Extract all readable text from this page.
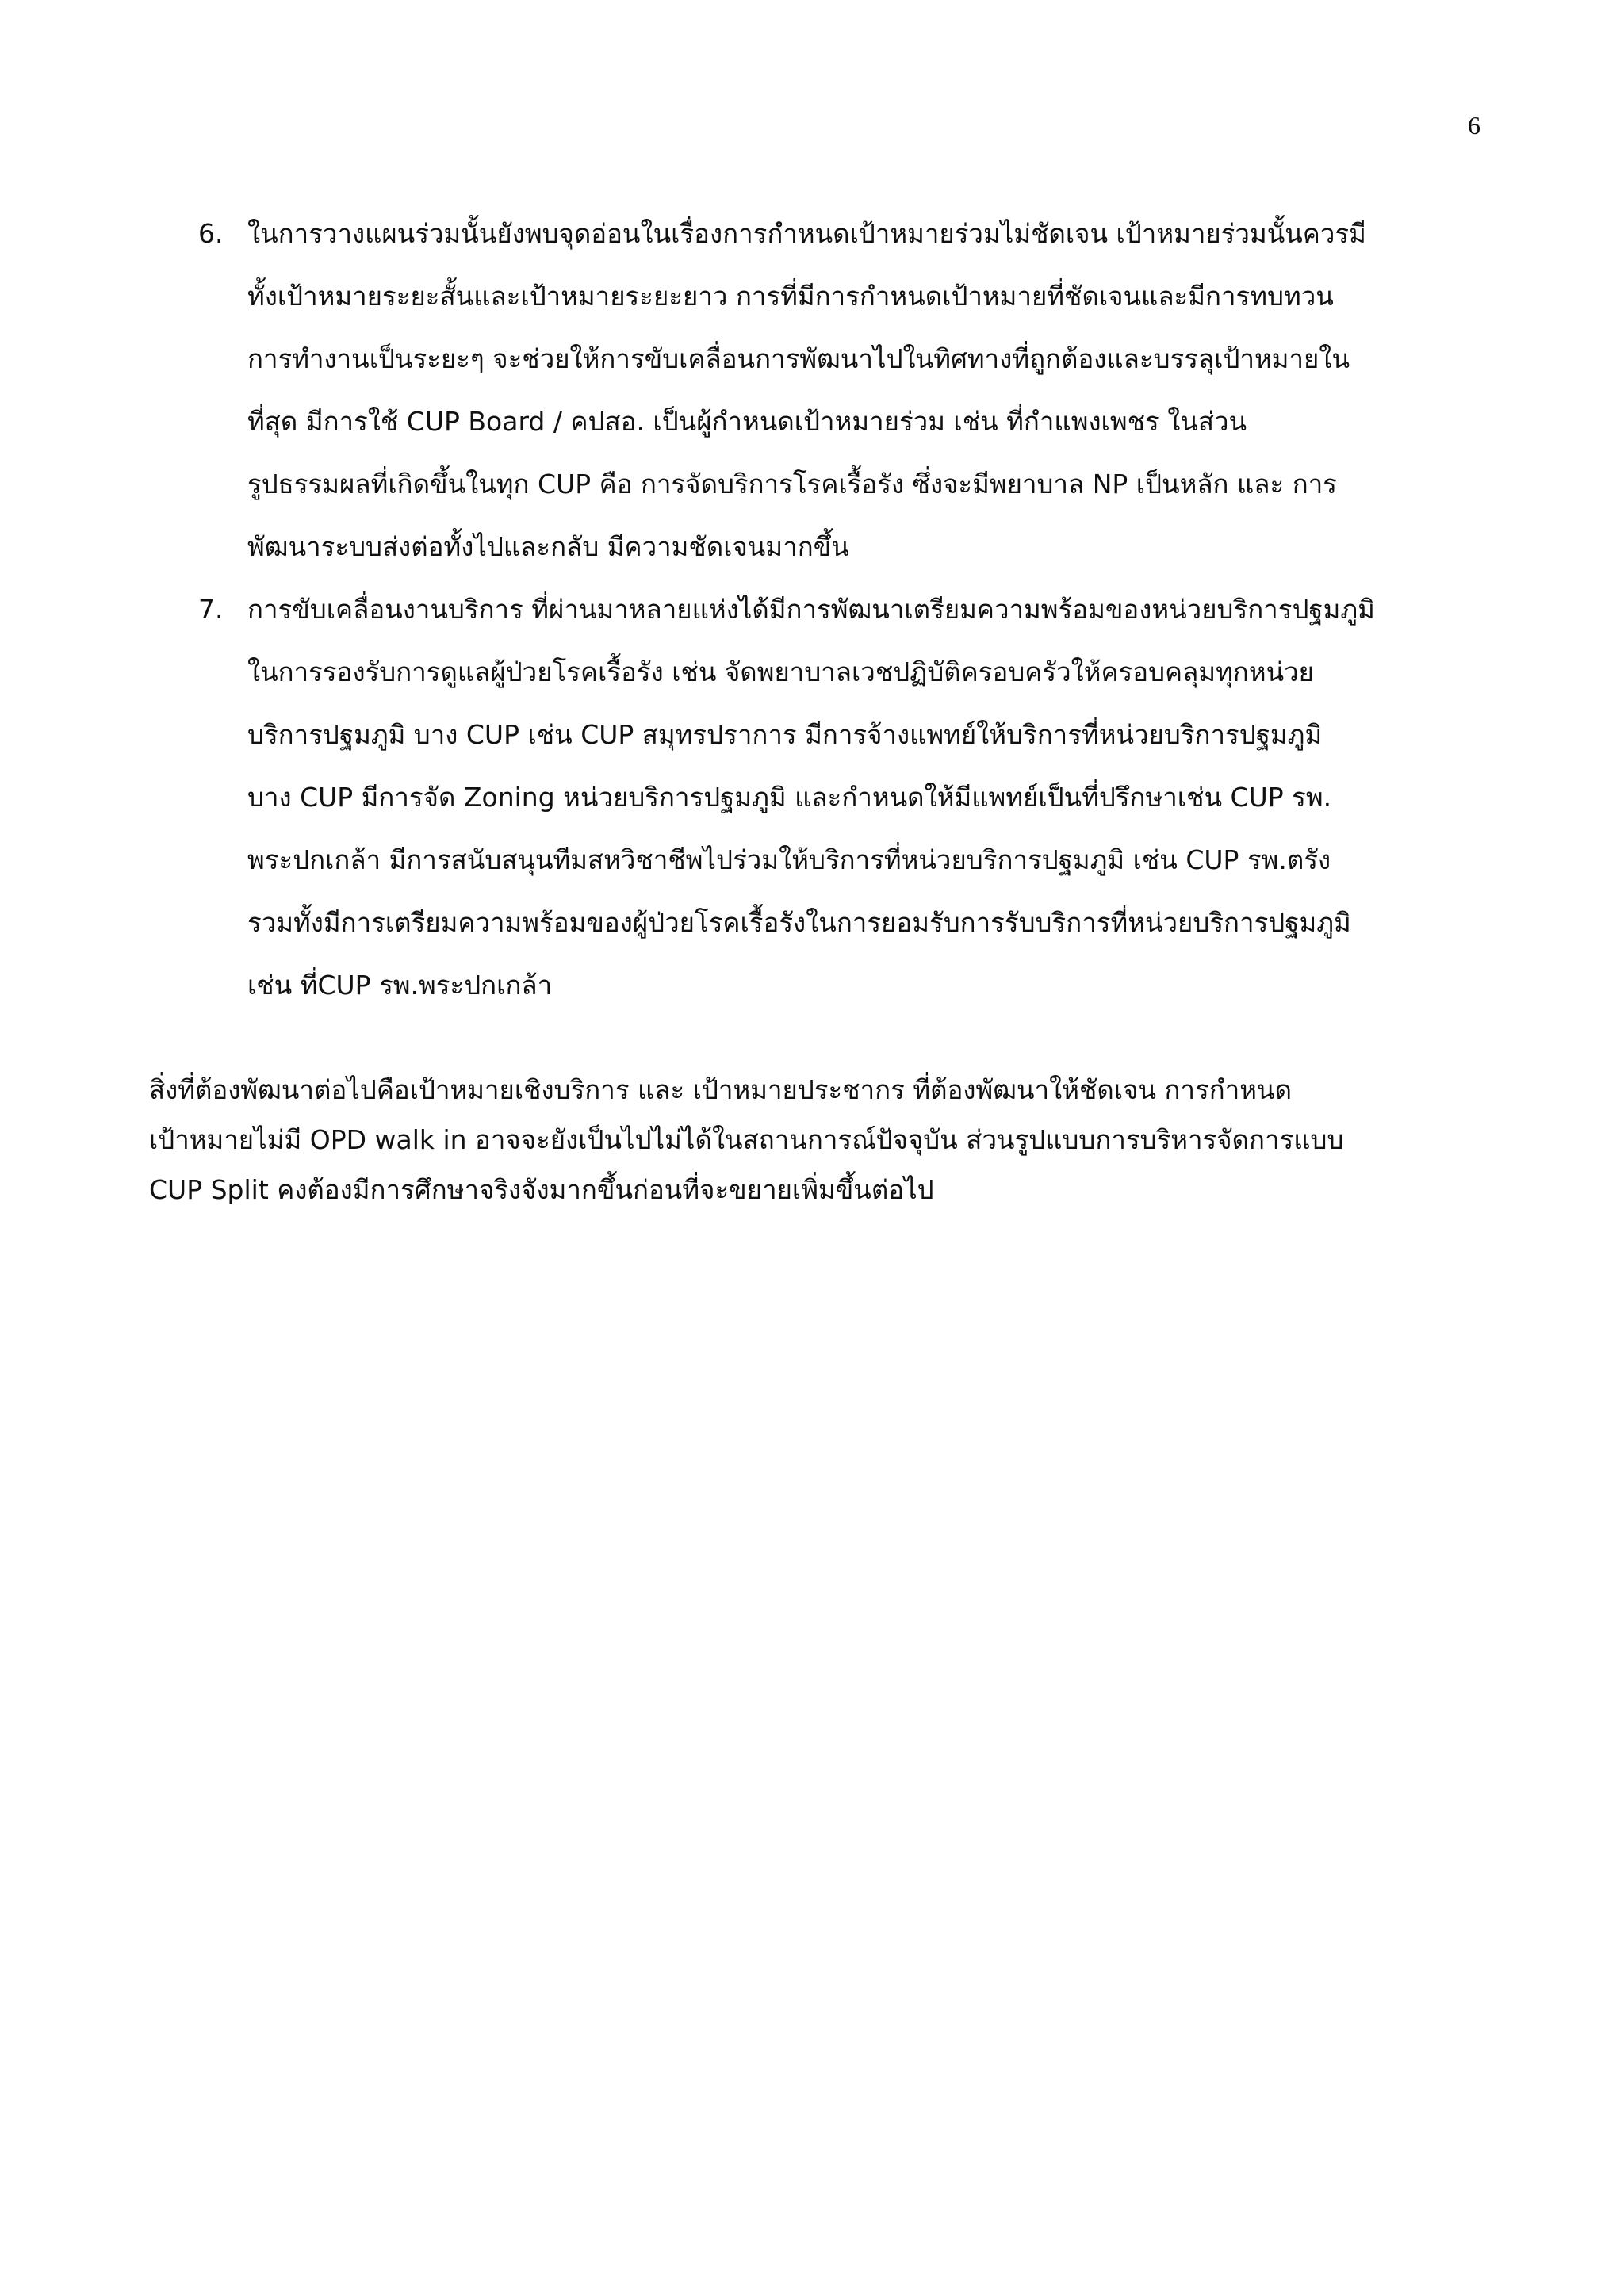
6
6. ในการวางแผนร่วมนั้นยังพบจุดอ่อนในเรื่องการกำหนดเป้าหมายร่วมไม่ชัดเจน เป้าหมายร่วมนั้นควรมี
ทั้งเป้าหมายระยะสั้นและเป้าหมายระยะยาว การที่มีการกำหนดเป้าหมายที่ชัดเจนและมีการทบทวน
การทำงานเป็นระยะๆ จะช่วยให้การขับเคลื่อนการพัฒนาไปในทิศทางที่ถูกต้องและบรรลุเป้าหมายใน
ที่สุด มีการใช้ CUP Board / คปสอ. เป็นผู้กำหนดเป้าหมายร่วม เช่น ที่กำแพงเพชร ในส่วน
รูปธรรมผลที่เกิดขึ้นในทุก CUP คือ การจัดบริการโรคเรื้อรัง ซึ่งจะมีพยาบาล NP เป็นหลัก และ การ
พัฒนาระบบส่งต่อทั้งไปและกลับ มีความชัดเจนมากขึ้น
7. การขับเคลื่อนงานบริการ ที่ผ่านมาหลายแห่งได้มีการพัฒนาเตรียมความพร้อมของหน่วยบริการปฐมภูมิ
ในการรองรับการดูแลผู้ป่วยโรคเรื้อรัง เช่น จัดพยาบาลเวชปฏิบัติครอบครัวให้ครอบคลุมทุกหน่วย
บริการปฐมภูมิ บาง CUP เช่น CUP สมุทรปราการ มีการจ้างแพทย์ให้บริการที่หน่วยบริการปฐมภูมิ
บาง CUP มีการจัด Zoning หน่วยบริการปฐมภูมิ และกำหนดให้มีแพทย์เป็นที่ปรึกษาเช่น CUP รพ.
พระปกเกล้า มีการสนับสนุนทีมสหวิชาชีพไปร่วมให้บริการที่หน่วยบริการปฐมภูมิ เช่น CUP รพ.ตรัง
รวมทั้งมีการเตรียมความพร้อมของผู้ป่วยโรคเรื้อรังในการยอมรับการรับบริการที่หน่วยบริการปฐมภูมิ
เช่น ที่CUP รพ.พระปกเกล้า
สิ่งที่ต้องพัฒนาต่อไปคือเป้าหมายเชิงบริการ และ เป้าหมายประชากร ที่ต้องพัฒนาให้ชัดเจน การกำหนด
เป้าหมายไม่มี OPD walk in อาจจะยังเป็นไปไม่ได้ในสถานการณ์ปัจจุบัน ส่วนรูปแบบการบริหารจัดการแบบ
CUP Split คงต้องมีการศึกษาจริงจังมากขึ้นก่อนที่จะขยายเพิ่มขึ้นต่อไป
